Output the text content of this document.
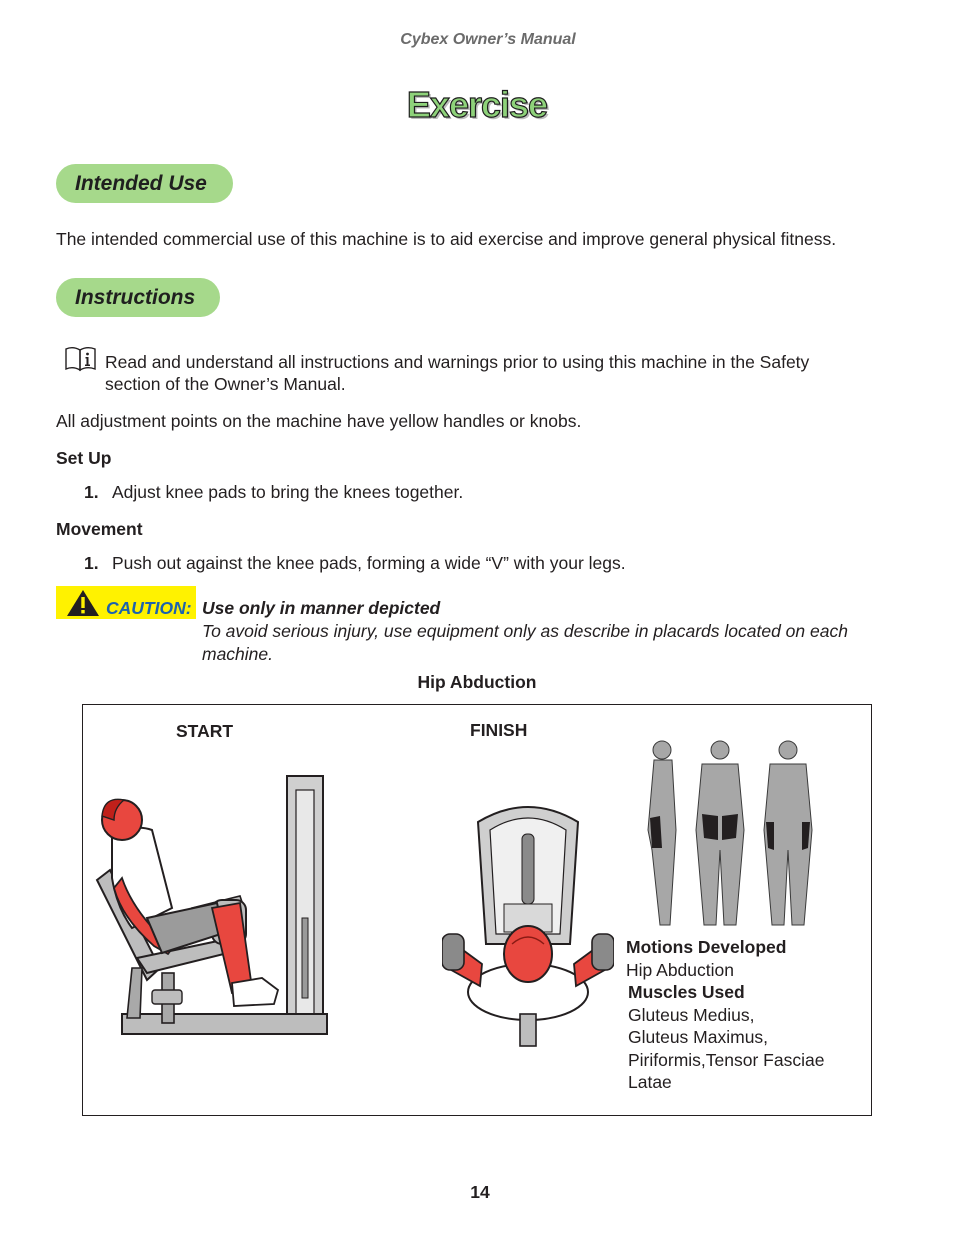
Cybex Owner’s Manual
Exercise
Intended Use
The intended commercial use of this machine is to aid exercise and improve general physical fitness.
Instructions
Read and understand all instructions and warnings prior to using this machine in the Safety
section of the Owner’s Manual.
All adjustment points on the machine have yellow handles or knobs.
Set Up
1. Adjust knee pads to bring the knees together.
Movement
1. Push out against the knee pads, forming a wide “V” with your legs.
CAUTION: Use only in manner depicted
To avoid serious injury, use equipment only as describe in placards located on each
machine.
Hip Abduction
START	FINISH
Motions Developed
Hip Abduction
Muscles Used
Gluteus Medius,
Gluteus Maximus,
Piriformis,Tensor Fasciae
Latae
14
